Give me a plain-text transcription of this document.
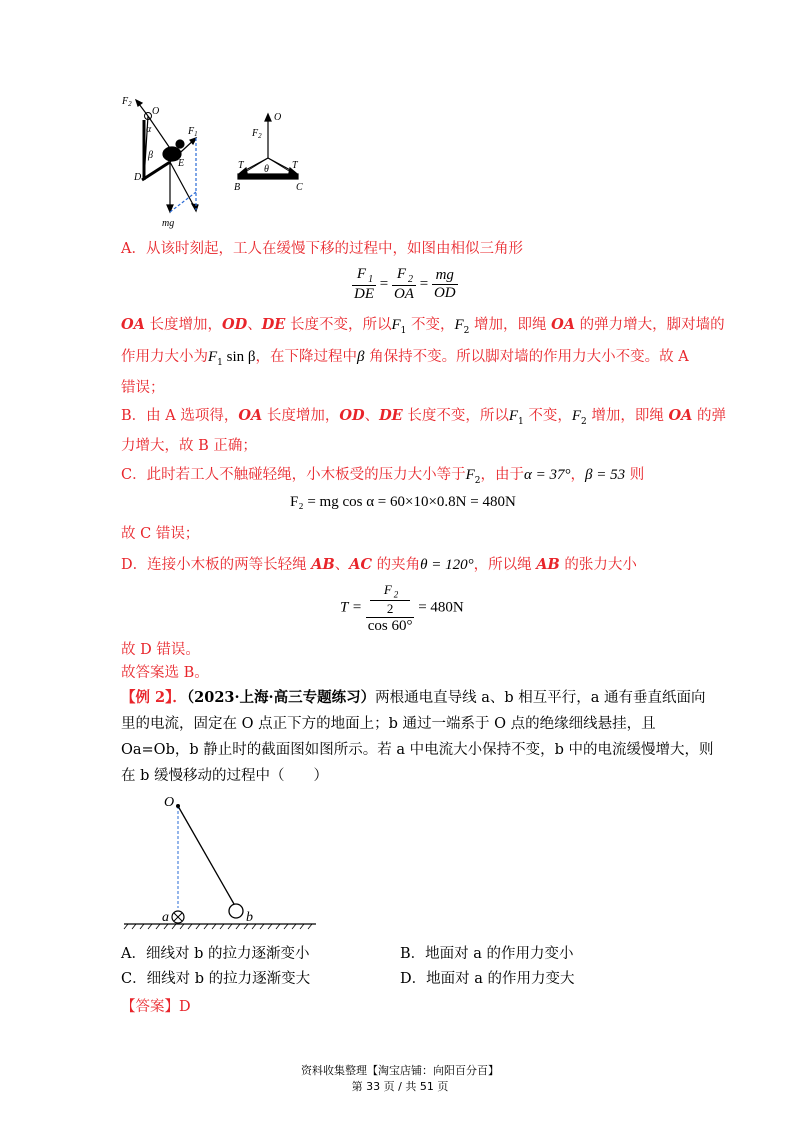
$F_2$
O
α
β
$F_1$
E
D
mg
O
$F_2$
T	T
θ
B	C
A．从该时刻起，工人在缓慢下移的过程中，如图由相似三角形
$\frac{F _1}{DE} = \frac{F _2}{OA} = \frac{mg}{OD}$
OA 长度增加，OD、DE 长度不变，所以$F_1$ 不变，$F_2$ 增加，即绳 OA 的弹力增大，脚对墙的
作用力大小为$F_1$ sin β，在下降过程中β 角保持不变。所以脚对墙的作用力大小不变。故 A
错误；
B．由 A 选项得，OA 长度增加，OD、DE 长度不变，所以$F_1$ 不变，$F_2$ 增加，即绳 OA 的弹
力增大，故 B 正确；
C．此时若工人不触碰轻绳，小木板受的压力大小等于$F_2$，由于α = 37°，β = 53 则
F₂ = mg cos α = 60×10×0.8N = 480N
故 C 错误；
D．连接小木板的两等长轻绳 AB、AC 的夹角θ = 120°，所以绳 AB 的张力大小
T = F $_2$
2
cos 60° = 480N
故 D 错误。
故答案选 B。
【例 2】．（2023·上海·高三专题练习）两根通电直导线 a、b 相互平行，a 通有垂直纸面向
里的电流，固定在 O 点正下方的地面上；b 通过一端系于 O 点的绝缘细线悬挂，且
Oa=Ob，b 静止时的截面图如图所示。若 a 中电流大小保持不变，b 中的电流缓慢增大，则
在 b 缓慢移动的过程中（　　）
O
a	b
A．细线对 b 的拉力逐渐变小	B．地面对 a 的作用力变小
C．细线对 b 的拉力逐渐变大	D．地面对 a 的作用力变大
【答案】D
资料收集整理【淘宝店铺：向阳百分百】
第 33 页 / 共 51 页
